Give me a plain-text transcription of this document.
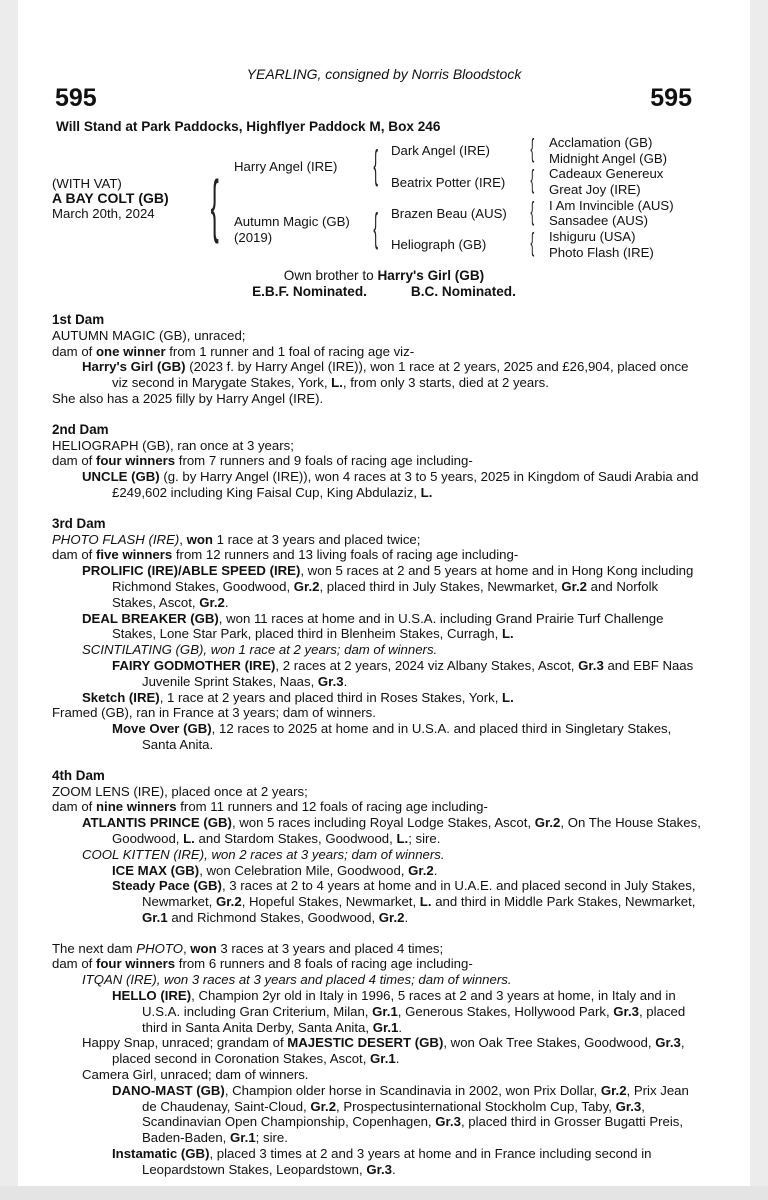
YEARLING, consigned by Norris Bloodstock
595	595
Will Stand at Park Paddocks, Highflyer Paddock M, Box 246
(WITH VAT)
A BAY COLT (GB)
March 20th, 2024 { Harry Angel (IRE)
Autumn Magic (GB)
(2019)
{
{
Dark Angel (IRE)
Beatrix Potter (IRE)
Brazen Beau (AUS)
Heliograph (GB)
{
{
{
{
Acclamation (GB)
Midnight Angel (GB)
Cadeaux Genereux
Great Joy (IRE)
I Am Invincible (AUS)
Sansadee (AUS)
Ishiguru (USA)
Photo Flash (IRE)
Own brother to Harry's Girl (GB)
E.B.F. Nominated.	B.C. Nominated.

1st Dam

AUTUMN MAGIC (GB), unraced;

dam of one winner from 1 runner and 1 foal of racing age viz-

Harry's Girl (GB) (2023 f. by Harry Angel (IRE)), won 1 race at 2 years, 2025 and £26,904, placed once viz second in Marygate Stakes, York, L., from only 3 starts, died at 2 years.

She also has a 2025 filly by Harry Angel (IRE).

2nd Dam

HELIOGRAPH (GB), ran once at 3 years;

dam of four winners from 7 runners and 9 foals of racing age including-

UNCLE (GB) (g. by Harry Angel (IRE)), won 4 races at 3 to 5 years, 2025 in Kingdom of Saudi Arabia and £249,602 including King Faisal Cup, King Abdulaziz, L.

3rd Dam

PHOTO FLASH (IRE), won 1 race at 3 years and placed twice;

dam of five winners from 12 runners and 13 living foals of racing age including-

PROLIFIC (IRE)/ABLE SPEED (IRE), won 5 races at 2 and 5 years at home and in Hong Kong including Richmond Stakes, Goodwood, Gr.2, placed third in July Stakes, Newmarket, Gr.2 and Norfolk Stakes, Ascot, Gr.2.

DEAL BREAKER (GB), won 11 races at home and in U.S.A. including Grand Prairie Turf Challenge Stakes, Lone Star Park, placed third in Blenheim Stakes, Curragh, L.

SCINTILATING (GB), won 1 race at 2 years; dam of winners.

FAIRY GODMOTHER (IRE), 2 races at 2 years, 2024 viz Albany Stakes, Ascot, Gr.3 and EBF Naas Juvenile Sprint Stakes, Naas, Gr.3.

Sketch (IRE), 1 race at 2 years and placed third in Roses Stakes, York, L.

Framed (GB), ran in France at 3 years; dam of winners.

Move Over (GB), 12 races to 2025 at home and in U.S.A. and placed third in Singletary Stakes, Santa Anita.

4th Dam

ZOOM LENS (IRE), placed once at 2 years;

dam of nine winners from 11 runners and 12 foals of racing age including-

ATLANTIS PRINCE (GB), won 5 races including Royal Lodge Stakes, Ascot, Gr.2, On The House Stakes, Goodwood, L. and Stardom Stakes, Goodwood, L.; sire.

COOL KITTEN (IRE), won 2 races at 3 years; dam of winners.

ICE MAX (GB), won Celebration Mile, Goodwood, Gr.2.

Steady Pace (GB), 3 races at 2 to 4 years at home and in U.A.E. and placed second in July Stakes, Newmarket, Gr.2, Hopeful Stakes, Newmarket, L. and third in Middle Park Stakes, Newmarket, Gr.1 and Richmond Stakes, Goodwood, Gr.2.

The next dam PHOTO, won 3 races at 3 years and placed 4 times;

dam of four winners from 6 runners and 8 foals of racing age including-

ITQAN (IRE), won 3 races at 3 years and placed 4 times; dam of winners.

HELLO (IRE), Champion 2yr old in Italy in 1996, 5 races at 2 and 3 years at home, in Italy and in U.S.A. including Gran Criterium, Milan, Gr.1, Generous Stakes, Hollywood Park, Gr.3, placed third in Santa Anita Derby, Santa Anita, Gr.1.

Happy Snap, unraced; grandam of MAJESTIC DESERT (GB), won Oak Tree Stakes, Goodwood, Gr.3, placed second in Coronation Stakes, Ascot, Gr.1.

Camera Girl, unraced; dam of winners.

DANO-MAST (GB), Champion older horse in Scandinavia in 2002, won Prix Dollar, Gr.2, Prix Jean de Chaudenay, Saint-Cloud, Gr.2, Prospectusinternational Stockholm Cup, Taby, Gr.3, Scandinavian Open Championship, Copenhagen, Gr.3, placed third in Grosser Bugatti Preis, Baden-Baden, Gr.1; sire.

Instamatic (GB), placed 3 times at 2 and 3 years at home and in France including second in Leopardstown Stakes, Leopardstown, Gr.3.
